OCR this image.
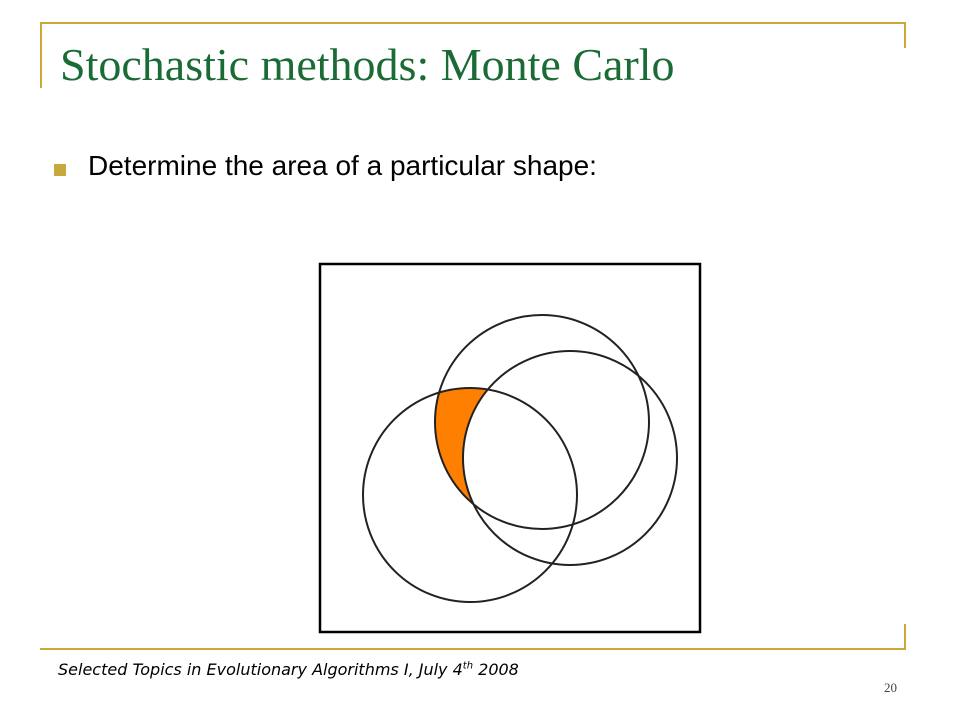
Stochastic methods: Monte Carlo
Determine the area of a particular shape:
Selected Topics in Evolutionary Algorithms I, July 4th 2008
20
